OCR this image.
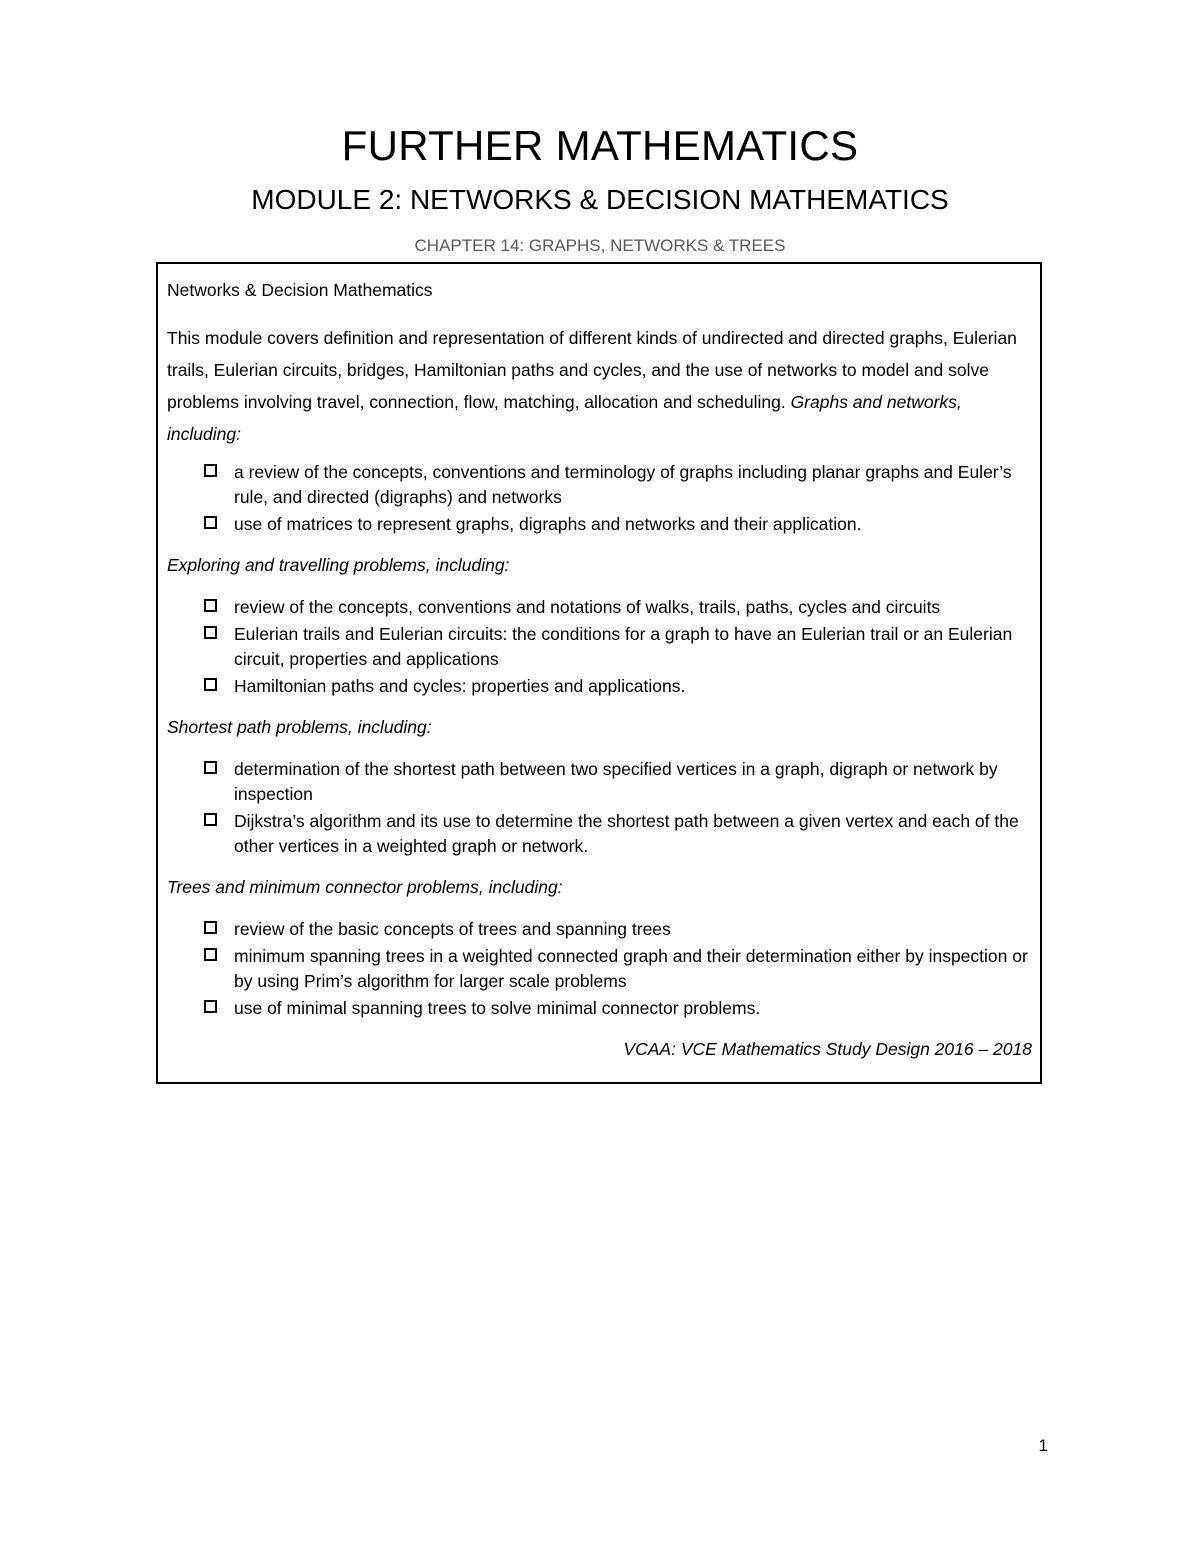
FURTHER MATHEMATICS
MODULE 2: NETWORKS & DECISION MATHEMATICS
CHAPTER 14: GRAPHS, NETWORKS & TREES

Networks & Decision Mathematics

This module covers definition and representation of different kinds of undirected and directed graphs, Eulerian trails, Eulerian circuits, bridges, Hamiltonian paths and cycles, and the use of networks to model and solve problems involving travel, connection, flow, matching, allocation and scheduling. Graphs and networks, including:

a review of the concepts, conventions and terminology of graphs including planar graphs and Euler’s rule, and directed (digraphs) and networks
use of matrices to represent graphs, digraphs and networks and their application.

Exploring and travelling problems, including:

review of the concepts, conventions and notations of walks, trails, paths, cycles and circuits
Eulerian trails and Eulerian circuits: the conditions for a graph to have an Eulerian trail or an Eulerian circuit, properties and applications
Hamiltonian paths and cycles: properties and applications.

Shortest path problems, including:

determination of the shortest path between two specified vertices in a graph, digraph or network by inspection
Dijkstra’s algorithm and its use to determine the shortest path between a given vertex and each of the other vertices in a weighted graph or network.

Trees and minimum connector problems, including:

review of the basic concepts of trees and spanning trees
minimum spanning trees in a weighted connected graph and their determination either by inspection or by using Prim’s algorithm for larger scale problems
use of minimal spanning trees to solve minimal connector problems.

VCAA: VCE Mathematics Study Design 2016 – 2018

1
